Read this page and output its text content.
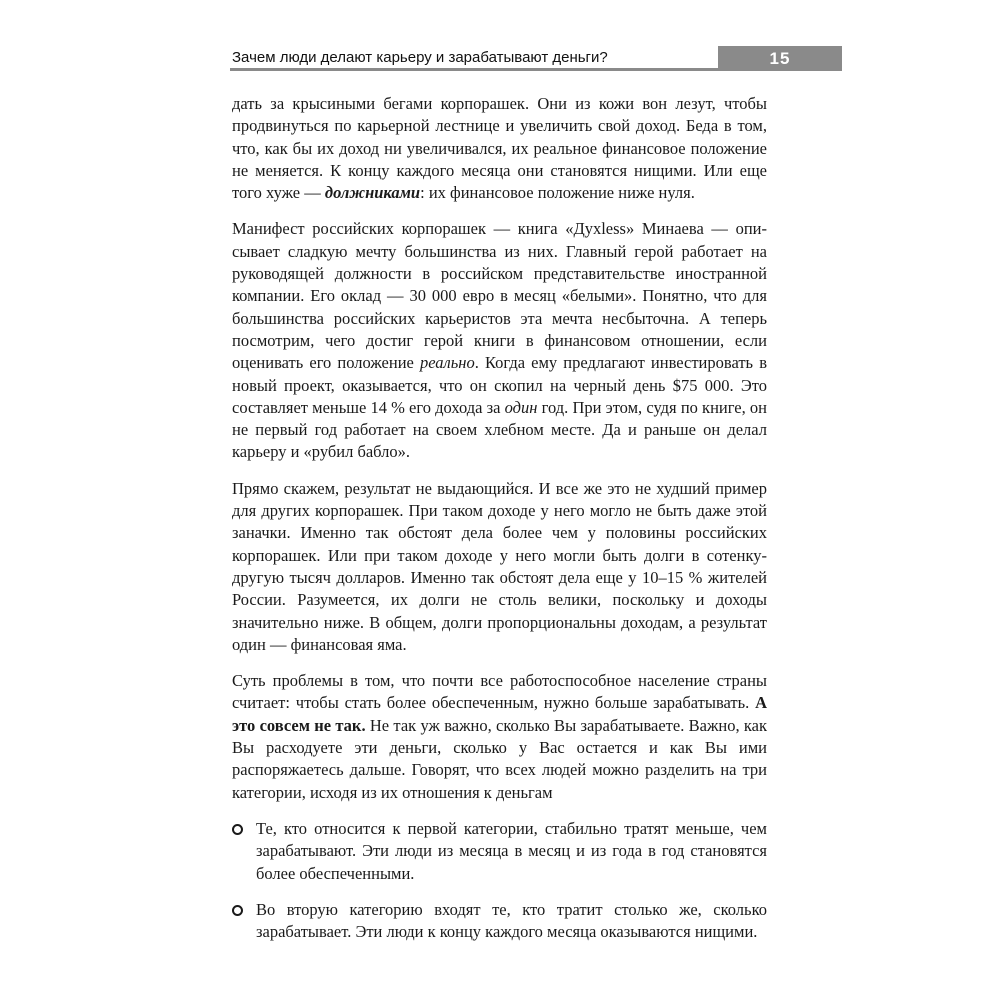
Зачем люди делают карьеру и зарабатывают деньги?	15

дать за крысиными бегами корпорашек. Они из кожи вон лезут, чтобы продвинуться по карьерной лестнице и увеличить свой доход. Беда в том, что, как бы их доход ни увеличивался, их реальное финансовое положение не меняется. К концу каждого месяца они становятся нищими. Или еще того хуже — должниками: их финансовое положение ниже нуля.

Манифест российских корпорашек — книга «Духless» Минаева — описывает сладкую мечту большинства из них. Главный герой работает на руководящей должности в российском представительстве иностранной компании. Его оклад — 30 000 евро в месяц «белыми». Понятно, что для большинства российских карьеристов эта мечта несбыточна. А теперь посмотрим, чего достиг герой книги в финансовом отношении, если оценивать его положение реально. Когда ему предлагают инвестировать в новый проект, оказывается, что он скопил на черный день $75 000. Это составляет меньше 14 % его дохода за один год. При этом, судя по книге, он не первый год работает на своем хлебном месте. Да и раньше он делал карьеру и «рубил бабло».

Прямо скажем, результат не выдающийся. И все же это не худший пример для других корпорашек. При таком доходе у него могло не быть даже этой заначки. Именно так обстоят дела более чем у половины российских корпорашек. Или при таком доходе у него могли быть долги в сотенку-другую тысяч долларов. Именно так обстоят дела еще у 10–15 % жителей России. Разумеется, их долги не столь велики, поскольку и доходы значительно ниже. В общем, долги пропорциональны доходам, а результат один — финансовая яма.

Суть проблемы в том, что почти все работоспособное население страны считает: чтобы стать более обеспеченным, нужно больше зарабатывать. А это совсем не так. Не так уж важно, сколько Вы зарабатываете. Важно, как Вы расходуете эти деньги, сколько у Вас остается и как Вы ими распоряжаетесь дальше. Говорят, что всех людей можно разделить на три категории, исходя из их отношения к деньгам

Те, кто относится к первой категории, стабильно тратят меньше, чем зарабатывают. Эти люди из месяца в месяц и из года в год становятся более обеспеченными.
Во вторую категорию входят те, кто тратит столько же, сколько зарабатывает. Эти люди к концу каждого месяца оказываются нищими.
